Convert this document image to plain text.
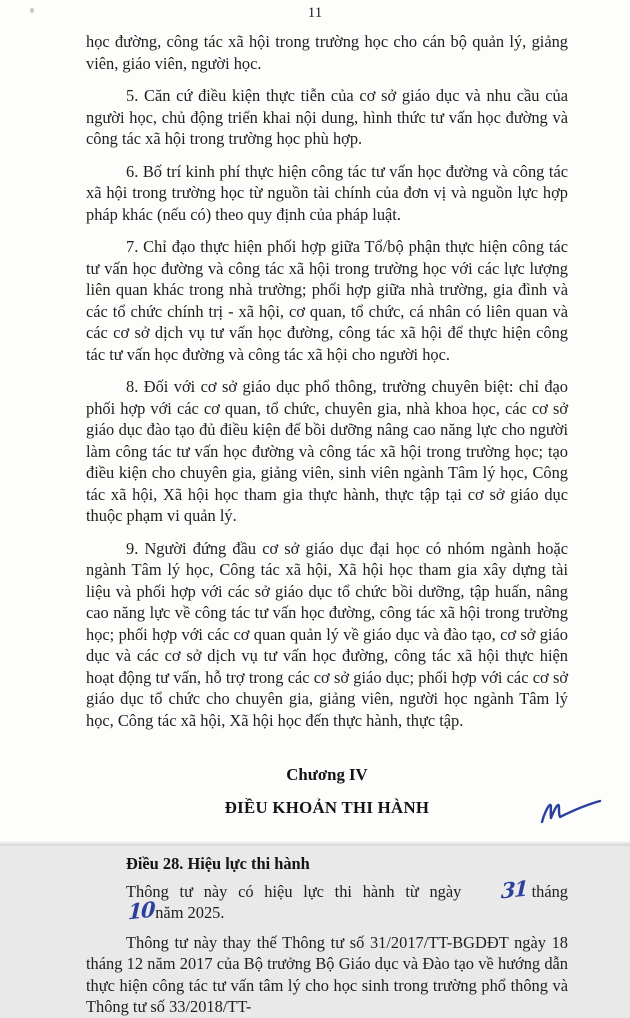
11

học đường, công tác xã hội trong trường học cho cán bộ quản lý, giảng viên, giáo viên, người học.

5. Căn cứ điều kiện thực tiễn của cơ sở giáo dục và nhu cầu của người học, chủ động triển khai nội dung, hình thức tư vấn học đường và công tác xã hội trong trường học phù hợp.

6. Bố trí kinh phí thực hiện công tác tư vấn học đường và công tác xã hội trong trường học từ nguồn tài chính của đơn vị và nguồn lực hợp pháp khác (nếu có) theo quy định của pháp luật.

7. Chỉ đạo thực hiện phối hợp giữa Tổ/bộ phận thực hiện công tác tư vấn học đường và công tác xã hội trong trường học với các lực lượng liên quan khác trong nhà trường; phối hợp giữa nhà trường, gia đình và các tổ chức chính trị - xã hội, cơ quan, tổ chức, cá nhân có liên quan và các cơ sở dịch vụ tư vấn học đường, công tác xã hội để thực hiện công tác tư vấn học đường và công tác xã hội cho người học.

8. Đối với cơ sở giáo dục phổ thông, trường chuyên biệt: chỉ đạo phối hợp với các cơ quan, tổ chức, chuyên gia, nhà khoa học, các cơ sở giáo dục đào tạo đủ điều kiện để bồi dưỡng nâng cao năng lực cho người làm công tác tư vấn học đường và công tác xã hội trong trường học; tạo điều kiện cho chuyên gia, giảng viên, sinh viên ngành Tâm lý học, Công tác xã hội, Xã hội học tham gia thực hành, thực tập tại cơ sở giáo dục thuộc phạm vi quản lý.

9. Người đứng đầu cơ sở giáo dục đại học có nhóm ngành hoặc ngành Tâm lý học, Công tác xã hội, Xã hội học tham gia xây dựng tài liệu và phối hợp với các sở giáo dục tổ chức bồi dưỡng, tập huấn, nâng cao năng lực về công tác tư vấn học đường, công tác xã hội trong trường học; phối hợp với các cơ quan quản lý về giáo dục và đào tạo, cơ sở giáo dục và các cơ sở dịch vụ tư vấn học đường, công tác xã hội thực hiện hoạt động tư vấn, hỗ trợ trong các cơ sở giáo dục; phối hợp với các cơ sở giáo dục tổ chức cho chuyên gia, giảng viên, người học ngành Tâm lý học, Công tác xã hội, Xã hội học đến thực hành, thực tập.

Chương IV
ĐIỀU KHOẢN THI HÀNH

Điều 28. Hiệu lực thi hành

Thông tư này có hiệu lực thi hành từ ngày 31 tháng10năm 2025.

Thông tư này thay thế Thông tư số 31/2017/TT-BGDĐT ngày 18 tháng 12 năm 2017 của Bộ trưởng Bộ Giáo dục và Đào tạo về hướng dẫn thực hiện công tác tư vấn tâm lý cho học sinh trong trường phổ thông và Thông tư số 33/2018/TT-
